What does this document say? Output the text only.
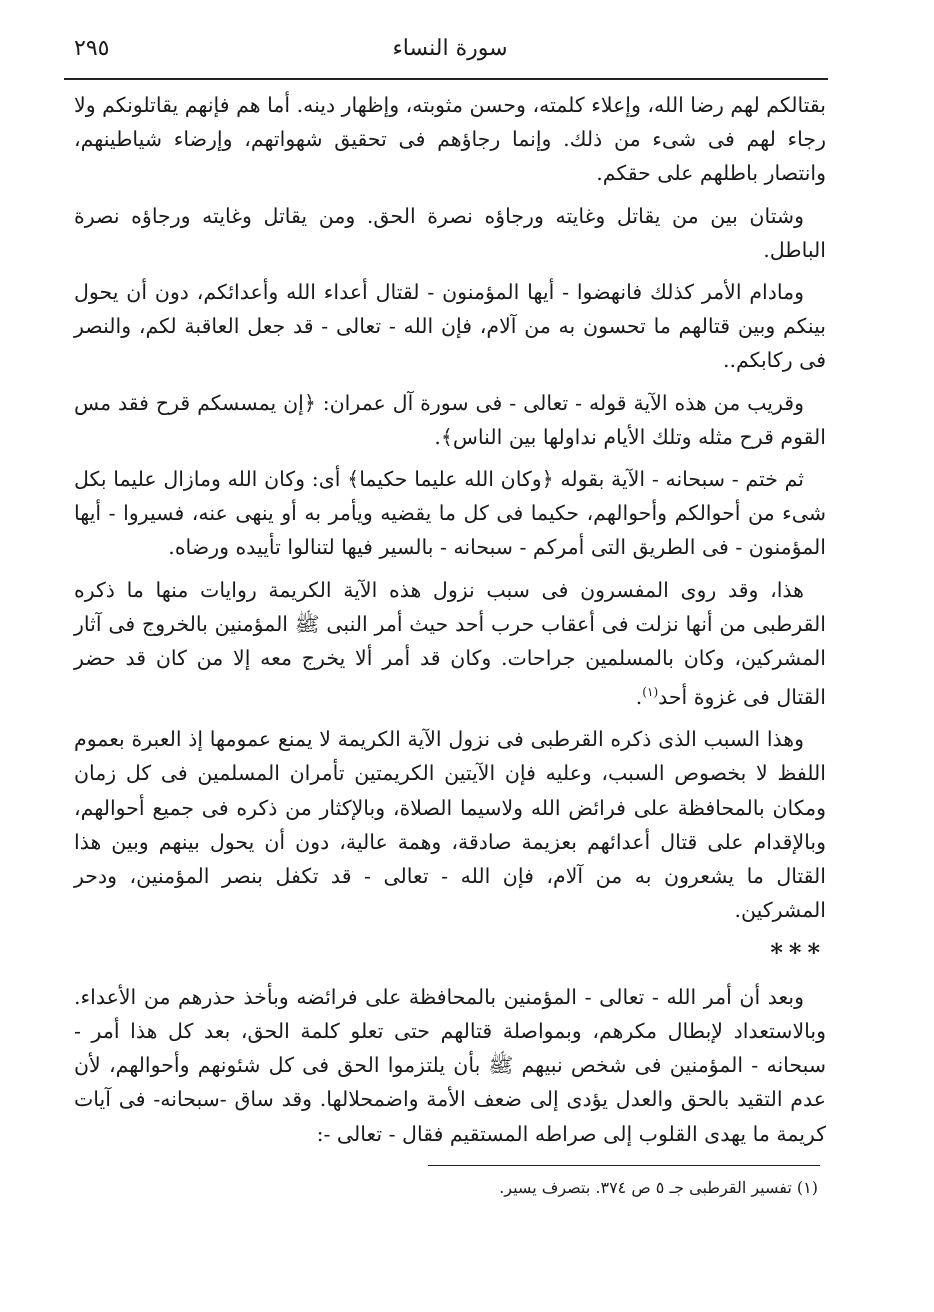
٢٩٥	سورة النساء

بقتالكم لهم رضا الله، وإعلاء كلمته، وحسن مثوبته، وإظهار دينه. أما هم فإنهم يقاتلونكم ولا رجاء لهم فى شىء من ذلك. وإنما رجاؤهم فى تحقيق شهواتهم، وإرضاء شياطينهم، وانتصار باطلهم على حقكم.

وشتان بين من يقاتل وغايته ورجاؤه نصرة الحق. ومن يقاتل وغايته ورجاؤه نصرة الباطل.

ومادام الأمر كذلك فانهضوا - أيها المؤمنون - لقتال أعداء الله وأعدائكم، دون أن يحول بينكم وبين قتالهم ما تحسون به من آلام، فإن الله - تعالى - قد جعل العاقبة لكم، والنصر فى ركابكم..

وقريب من هذه الآية قوله - تعالى - فى سورة آل عمران: ﴿إن يمسسكم قرح فقد مس القوم قرح مثله وتلك الأيام نداولها بين الناس﴾.

ثم ختم - سبحانه - الآية بقوله ﴿وكان الله عليما حكيما﴾ أى: وكان الله ومازال عليما بكل شىء من أحوالكم وأحوالهم، حكيما فى كل ما يقضيه ويأمر به أو ينهى عنه، فسيروا - أيها المؤمنون - فى الطريق التى أمركم - سبحانه - بالسير فيها لتنالوا تأييده ورضاه.

هذا، وقد روى المفسرون فى سبب نزول هذه الآية الكريمة روايات منها ما ذكره القرطبى من أنها نزلت فى أعقاب حرب أحد حيث أمر النبى ﷺ المؤمنين بالخروج فى آثار المشركين، وكان بالمسلمين جراحات. وكان قد أمر ألا يخرج معه إلا من كان قد حضر القتال فى غزوة أحد$^{(١)}$.

وهذا السبب الذى ذكره القرطبى فى نزول الآية الكريمة لا يمنع عمومها إذ العبرة بعموم اللفظ لا بخصوص السبب، وعليه فإن الآيتين الكريمتين تأمران المسلمين فى كل زمان ومكان بالمحافظة على فرائض الله ولاسيما الصلاة، وبالإكثار من ذكره فى جميع أحوالهم، وبالإقدام على قتال أعدائهم بعزيمة صادقة، وهمة عالية، دون أن يحول بينهم وبين هذا القتال ما يشعرون به من آلام، فإن الله - تعالى - قد تكفل بنصر المؤمنين، ودحر المشركين.

***

وبعد أن أمر الله - تعالى - المؤمنين بالمحافظة على فرائضه وبأخذ حذرهم من الأعداء. وبالاستعداد لإبطال مكرهم، وبمواصلة قتالهم حتى تعلو كلمة الحق، بعد كل هذا أمر - سبحانه - المؤمنين فى شخص نبيهم ﷺ بأن يلتزموا الحق فى كل شئونهم وأحوالهم، لأن عدم التقيد بالحق والعدل يؤدى إلى ضعف الأمة واضمحلالها. وقد ساق -سبحانه- فى آيات كريمة ما يهدى القلوب إلى صراطه المستقيم فقال - تعالى -:

(١) تفسير القرطبى جـ ٥ ص ٣٧٤. بتصرف يسير.
